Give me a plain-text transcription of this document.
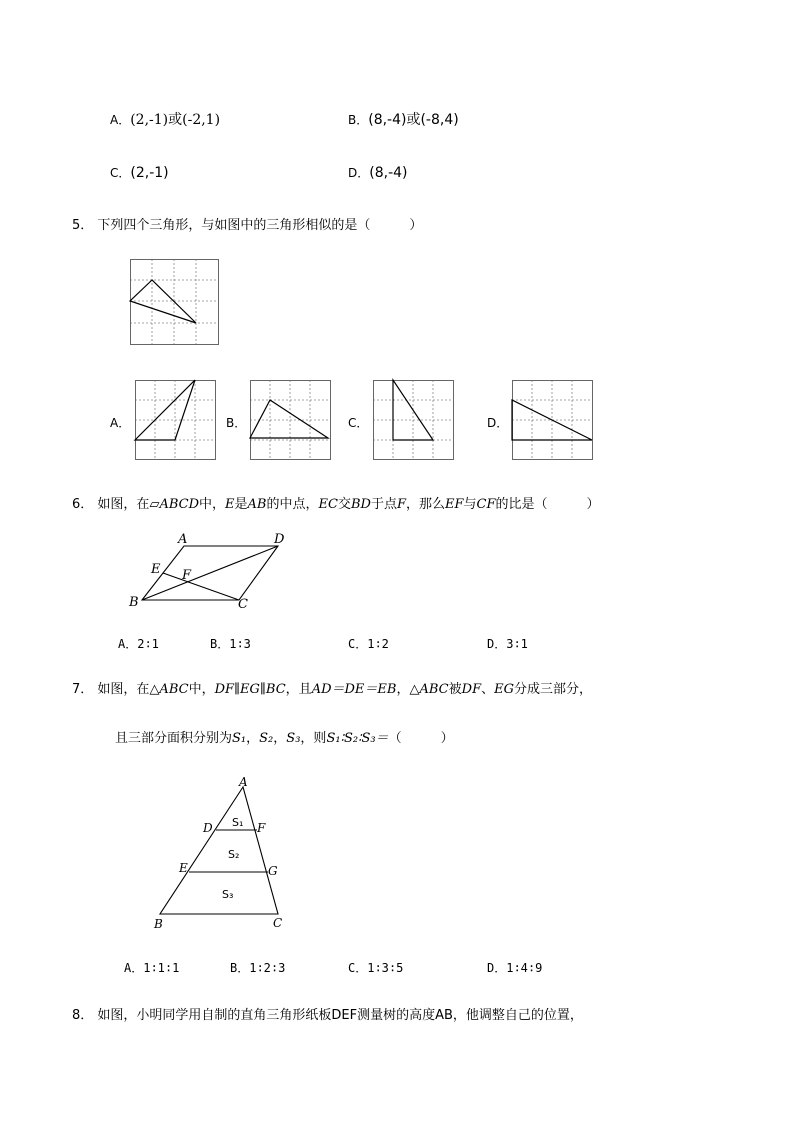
A．(2,-1)或(-2,1)	B．(8,-4)或(-8,4)
C．(2,-1)	D．(8,-4)
5． 下列四个三角形，与如图中的三角形相似的是（　　　）
A．	B．	C．	D．
6． 如图，在▱ABCD中，E是AB的中点，EC交BD于点F，那么EF与CF的比是（　　　）
A	D
E F
B	C
A．2∶1	B．1∶3	C．1∶2	D．3∶1
7． 如图，在△ABC中，DF∥EG∥BC，且AD＝DE＝EB，△ABC被DF、EG分成三部分，
且三部分面积分别为S₁，S₂，S₃，则S₁∶S₂∶S₃＝（　　　）
A
D	F
E	G
B	C
S₁
S₂
S₃
A．1∶1∶1	B．1∶2∶3	C．1∶3∶5	D．1∶4∶9
8． 如图，小明同学用自制的直角三角形纸板DEF测量树的高度AB，他调整自己的位置，
